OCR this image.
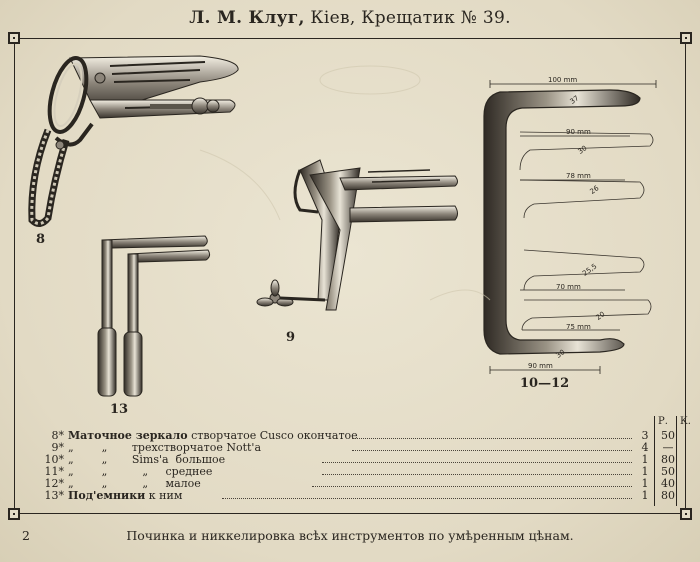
Л. М. Клуг, Кіев, Крещатик № 39.
100 mm
90 mm
78 mm
70 mm
75 mm
90 mm
37
30
26
25,5
20
30
8
9
13
10—12
Р. К.
8* Маточное зеркало створчатое Cusco окончатое	3	50
9* „        „       трехстворчатое Nott'a	4	—
10* „        „       Sims'a  большое	1	80
11* „        „          „     среднее	1	50
12* „        „          „     малое	1	40
13* Под'емники к ним	1	80
2	Починка и никкелировка всѣх инструментов по умѣренным цѣнам.
